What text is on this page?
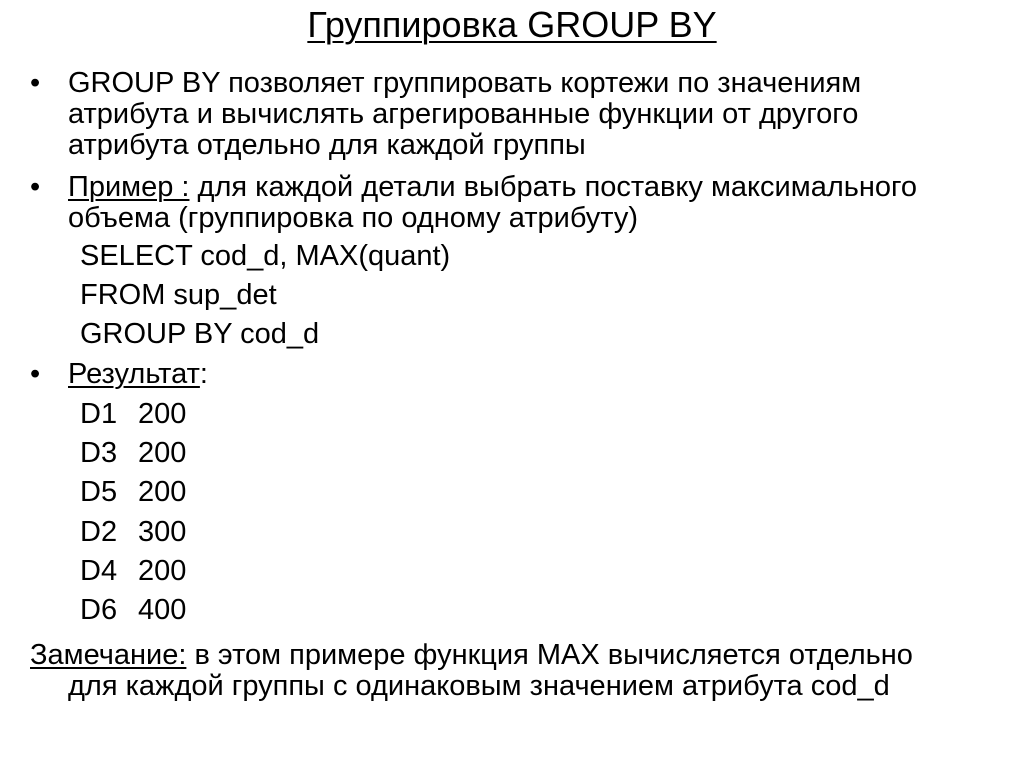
Группировка GROUP BY
• GROUP BY позволяет группировать кортежи по значениям
атрибута и вычислять агрегированные функции от другого
атрибута отдельно для каждой группы
• Пример : для каждой детали выбрать поставку максимального
объема (группировка по одному атрибуту)
SELECT cod_d, MAX(quant)
FROM sup_det
GROUP BY cod_d
• Результат:
D1 200
D3 200
D5 200
D2 300
D4 200
D6 400
Замечание: в этом примере функция MAX вычисляется отдельно
для каждой группы с одинаковым значением атрибута cod_d
